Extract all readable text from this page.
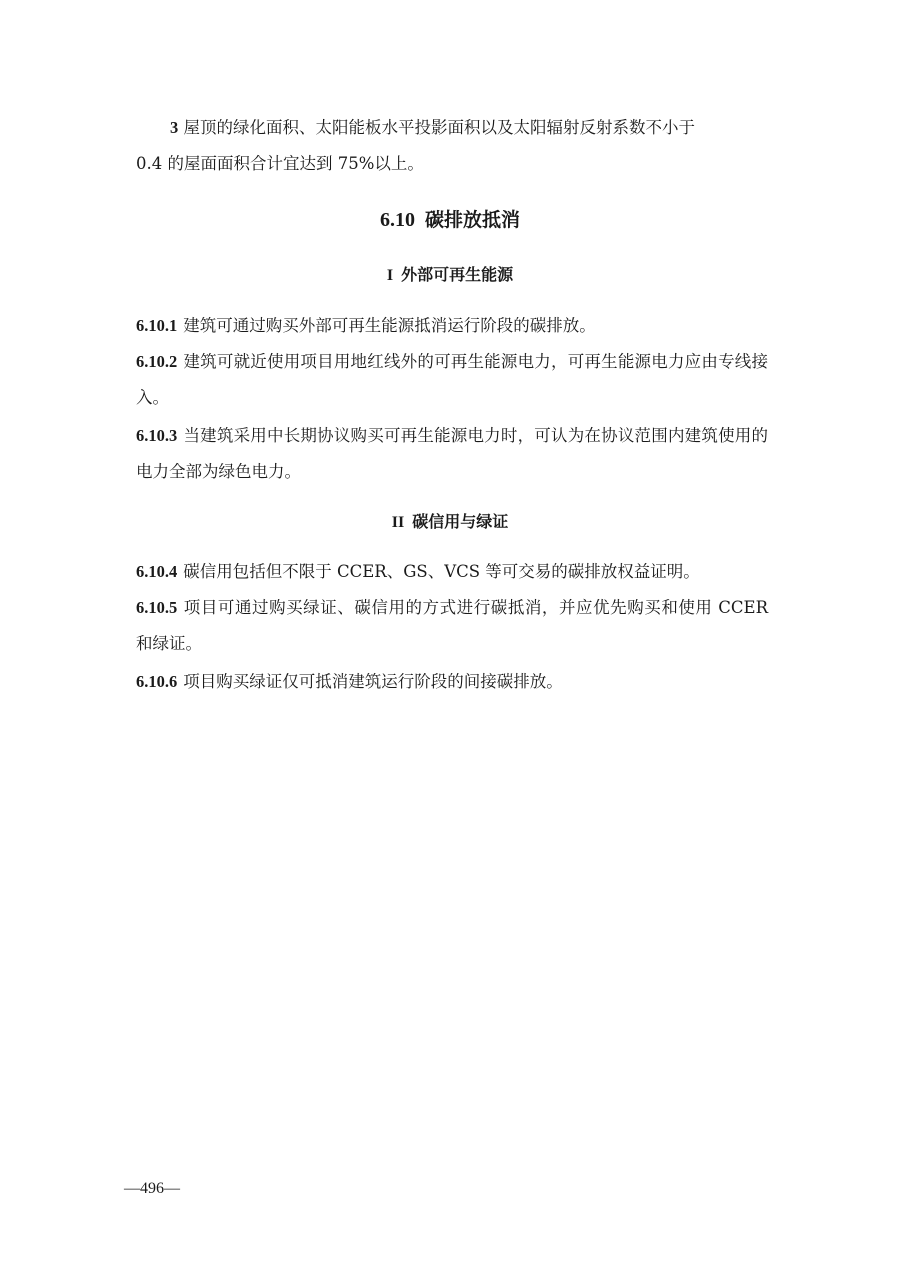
3 屋顶的绿化面积、太阳能板水平投影面积以及太阳辐射反射系数不小于

0.4 的屋面面积合计宜达到 75%以上。
6.10 碳排放抵消
I 外部可再生能源
6.10.1 建筑可通过购买外部可再生能源抵消运行阶段的碳排放。
6.10.2 建筑可就近使用项目用地红线外的可再生能源电力，可再生能源电力应由专线接入。
6.10.3 当建筑采用中长期协议购买可再生能源电力时，可认为在协议范围内建筑使用的电力全部为绿色电力。
II 碳信用与绿证
6.10.4 碳信用包括但不限于 CCER、GS、VCS 等可交易的碳排放权益证明。
6.10.5 项目可通过购买绿证、碳信用的方式进行碳抵消，并应优先购买和使用 CCER 和绿证。
6.10.6 项目购买绿证仅可抵消建筑运行阶段的间接碳排放。
—496—
